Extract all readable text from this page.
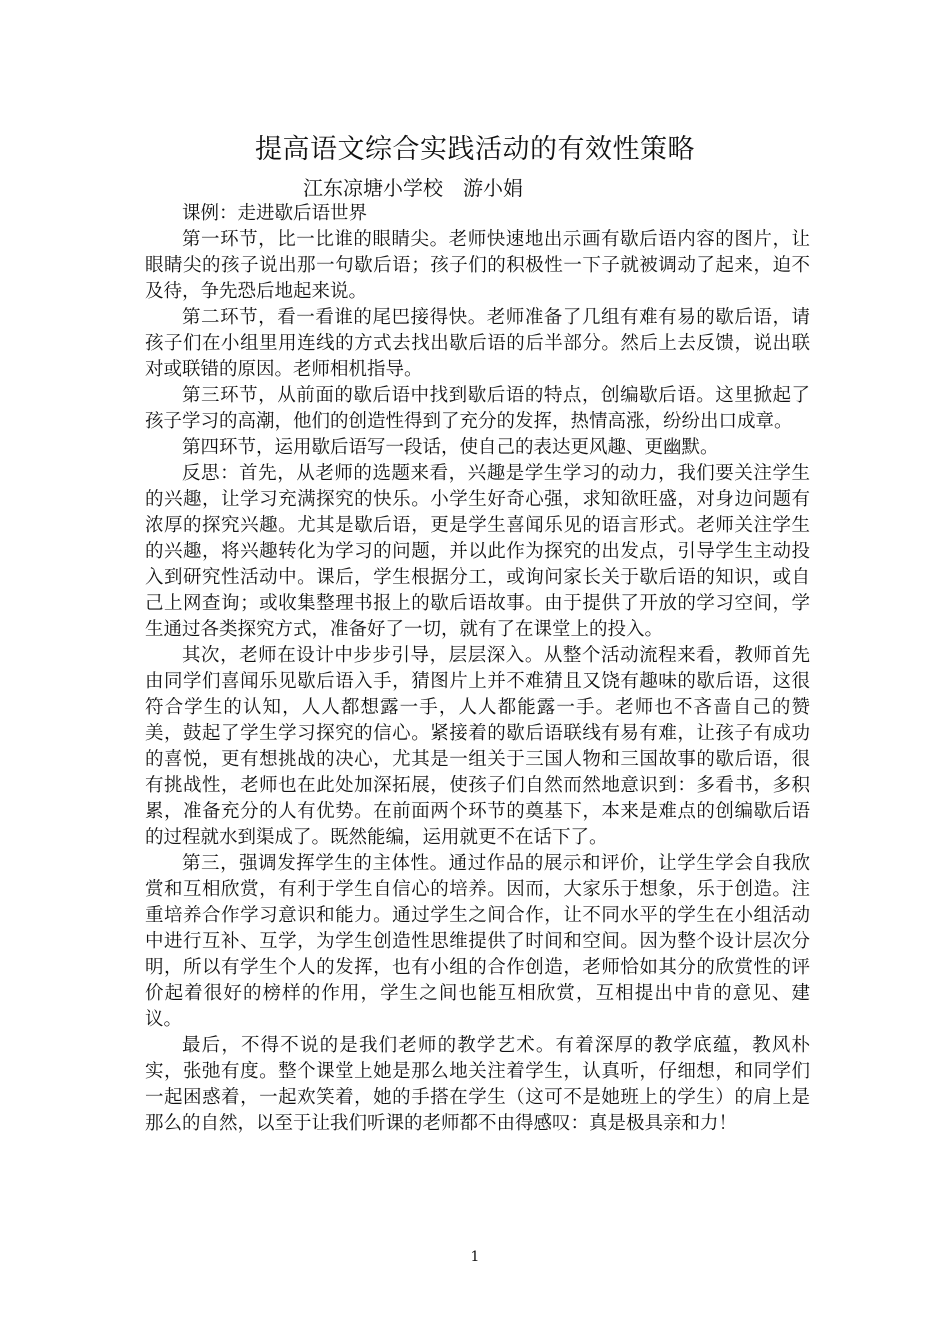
提高语文综合实践活动的有效性策略
江东凉塘小学校　游小娟

课例：走进歇后语世界

第一环节，比一比谁的眼睛尖。老师快速地出示画有歇后语内容的图片，让眼睛尖的孩子说出那一句歇后语；孩子们的积极性一下子就被调动了起来，迫不及待，争先恐后地起来说。

第二环节，看一看谁的尾巴接得快。老师准备了几组有难有易的歇后语，请孩子们在小组里用连线的方式去找出歇后语的后半部分。然后上去反馈，说出联对或联错的原因。老师相机指导。

第三环节，从前面的歇后语中找到歇后语的特点，创编歇后语。这里掀起了孩子学习的高潮，他们的创造性得到了充分的发挥，热情高涨，纷纷出口成章。

第四环节，运用歇后语写一段话，使自己的表达更风趣、更幽默。

反思：首先，从老师的选题来看，兴趣是学生学习的动力，我们要关注学生的兴趣，让学习充满探究的快乐。小学生好奇心强，求知欲旺盛，对身边问题有浓厚的探究兴趣。尤其是歇后语，更是学生喜闻乐见的语言形式。老师关注学生的兴趣，将兴趣转化为学习的问题，并以此作为探究的出发点，引导学生主动投入到研究性活动中。课后，学生根据分工，或询问家长关于歇后语的知识，或自己上网查询；或收集整理书报上的歇后语故事。由于提供了开放的学习空间，学生通过各类探究方式，准备好了一切，就有了在课堂上的投入。

其次，老师在设计中步步引导，层层深入。从整个活动流程来看，教师首先由同学们喜闻乐见歇后语入手，猜图片上并不难猜且又饶有趣味的歇后语，这很符合学生的认知，人人都想露一手，人人都能露一手。老师也不吝啬自己的赞美，鼓起了学生学习探究的信心。紧接着的歇后语联线有易有难，让孩子有成功的喜悦，更有想挑战的决心，尤其是一组关于三国人物和三国故事的歇后语，很有挑战性，老师也在此处加深拓展，使孩子们自然而然地意识到：多看书，多积累，准备充分的人有优势。在前面两个环节的奠基下，本来是难点的创编歇后语的过程就水到渠成了。既然能编，运用就更不在话下了。

第三，强调发挥学生的主体性。通过作品的展示和评价，让学生学会自我欣赏和互相欣赏，有利于学生自信心的培养。因而，大家乐于想象，乐于创造。注重培养合作学习意识和能力。通过学生之间合作，让不同水平的学生在小组活动中进行互补、互学，为学生创造性思维提供了时间和空间。因为整个设计层次分明，所以有学生个人的发挥，也有小组的合作创造，老师恰如其分的欣赏性的评价起着很好的榜样的作用，学生之间也能互相欣赏，互相提出中肯的意见、建议。

最后，不得不说的是我们老师的教学艺术。有着深厚的教学底蕴，教风朴实，张弛有度。整个课堂上她是那么地关注着学生，认真听，仔细想，和同学们一起困惑着，一起欢笑着，她的手搭在学生（这可不是她班上的学生）的肩上是那么的自然，以至于让我们听课的老师都不由得感叹：真是极具亲和力！

1
